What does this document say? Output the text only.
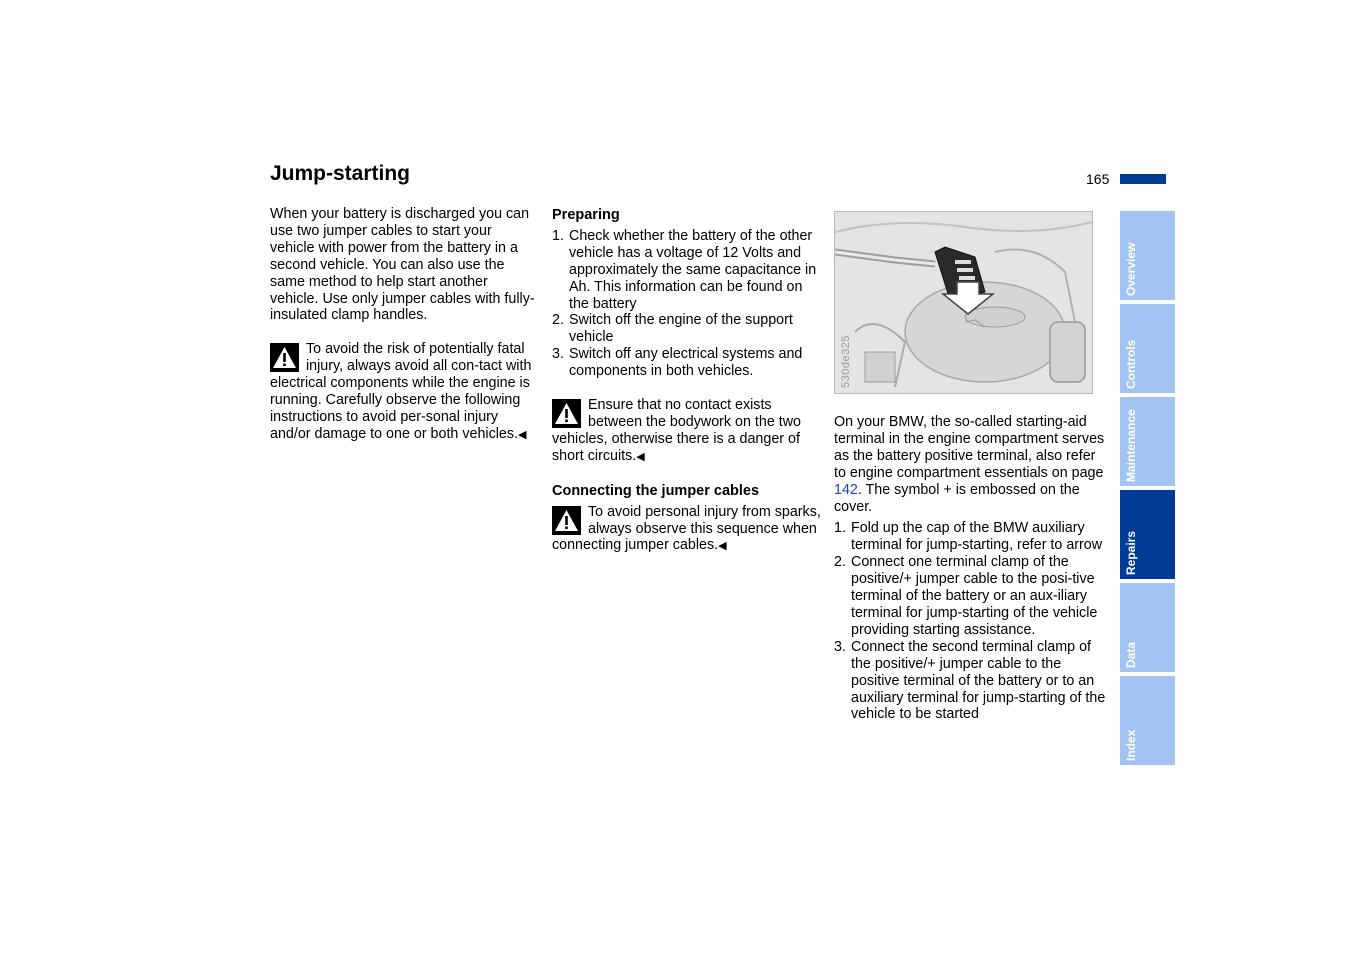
Jump-starting	165

When your battery is discharged you can use two jumper cables to start your vehicle with power from the battery in a second vehicle. You can also use the same method to help start another vehicle. Use only jumper cables with fully-insulated clamp handles.

To avoid the risk of potentially fatal injury, always avoid all con-tact with electrical components while the engine is running. Carefully observe the following instructions to avoid per-sonal injury and/or damage to one or both vehicles.◀
Preparing
1. Check whether the battery of the other vehicle has a voltage of 12 Volts and approximately the same capacitance in Ah. This information can be found on the battery
2. Switch off the engine of the support vehicle
3. Switch off any electrical systems and components in both vehicles.
Ensure that no contact exists between the bodywork on the two vehicles, otherwise there is a danger of short circuits.◀
Connecting the jumper cables
To avoid personal injury from sparks, always observe this sequence when connecting jumper cables.◀
530de325

On your BMW, the so-called starting-aid terminal in the engine compartment serves as the battery positive terminal, also refer to engine compartment essentials on page 142. The symbol + is embossed on the cover.

1. Fold up the cap of the BMW auxiliary terminal for jump-starting, refer to arrow
2. Connect one terminal clamp of the positive/+ jumper cable to the posi-tive terminal of the battery or an aux-iliary terminal for jump-starting of the vehicle providing starting assistance.
3. Connect the second terminal clamp of the positive/+ jumper cable to the positive terminal of the battery or to an auxiliary terminal for jump-starting of the vehicle to be started
Overview
Controls
Maintenance
Repairs
Data
Index
